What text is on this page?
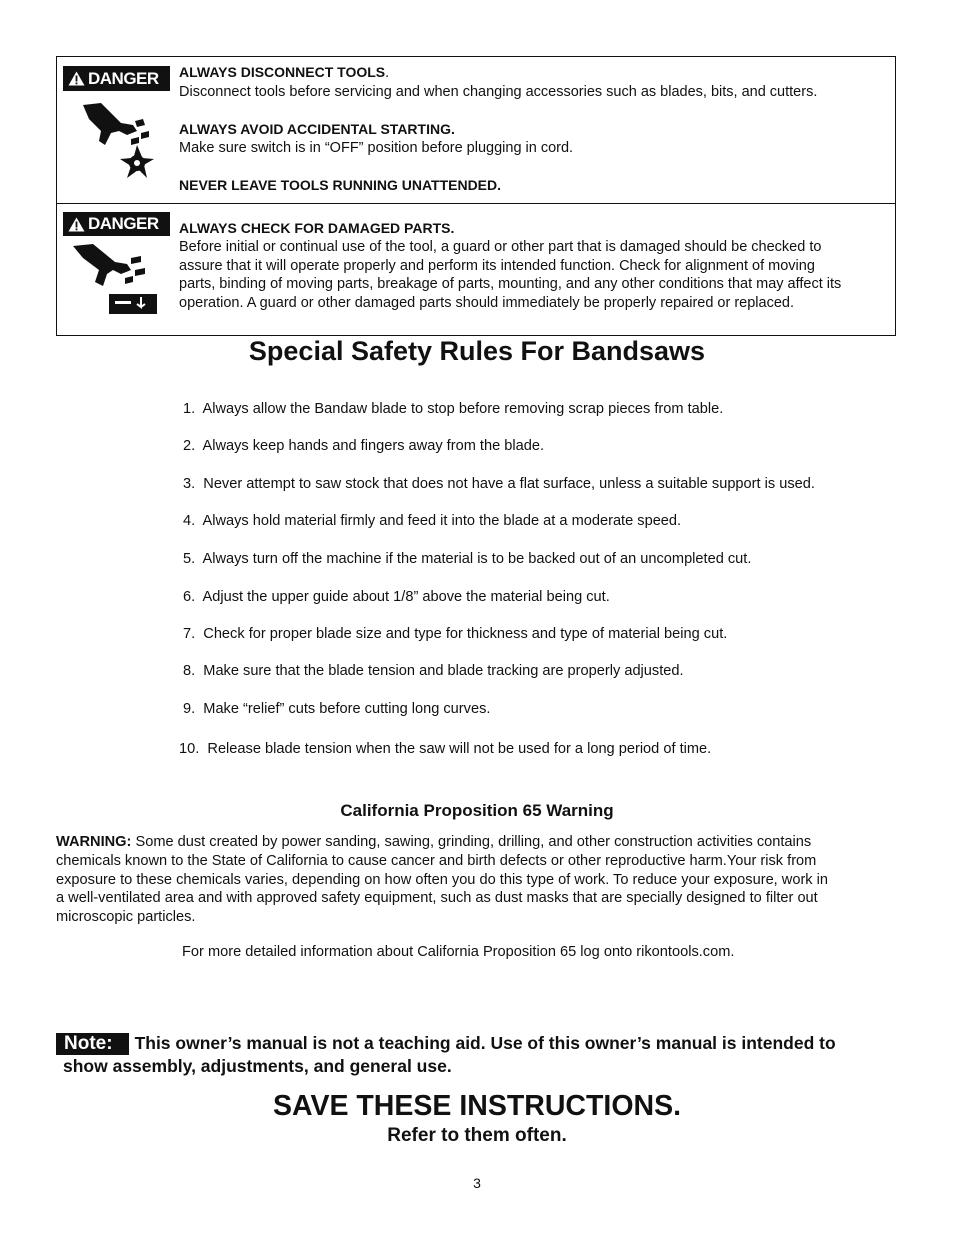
DANGER ALWAYS DISCONNECT TOOLS.
Disconnect tools before servicing and when changing accessories such as blades, bits, and cutters.
ALWAYS AVOID ACCIDENTAL STARTING.
Make sure switch is in “OFF” position before plugging in cord.
NEVER LEAVE TOOLS RUNNING UNATTENDED.
DANGER ALWAYS CHECK FOR DAMAGED PARTS.
Before initial or continual use of the tool, a guard or other part that is damaged should be checked to
assure that it will operate properly and perform its intended function. Check for alignment of moving
parts, binding of moving parts, breakage of parts, mounting, and any other conditions that may affect its
operation. A guard or other damaged parts should immediately be properly repaired or replaced.
Special Safety Rules For Bandsaws
1. Always allow the Bandaw blade to stop before removing scrap pieces from table.
2. Always keep hands and fingers away from the blade.
3. Never attempt to saw stock that does not have a flat surface, unless a suitable support is used.
4. Always hold material firmly and feed it into the blade at a moderate speed.
5. Always turn off the machine if the material is to be backed out of an uncompleted cut.
6. Adjust the upper guide about 1/8” above the material being cut.
7. Check for proper blade size and type for thickness and type of material being cut.
8. Make sure that the blade tension and blade tracking are properly adjusted.
9. Make “relief” cuts before cutting long curves.
10. Release blade tension when the saw will not be used for a long period of time.
California Proposition 65 Warning
WARNING: Some dust created by power sanding, sawing, grinding, drilling, and other construction activities contains
chemicals known to the State of California to cause cancer and birth defects or other reproductive harm.Your risk from
exposure to these chemicals varies, depending on how often you do this type of work. To reduce your exposure, work in
a well-ventilated area and with approved safety equipment, such as dust masks that are specially designed to filter out
microscopic particles.
For more detailed information about California Proposition 65 log onto rikontools.com.
Note: This owner’s manual is not a teaching aid. Use of this owner’s manual is intended to
show assembly, adjustments, and general use.
SAVE THESE INSTRUCTIONS.
Refer to them often.
3
